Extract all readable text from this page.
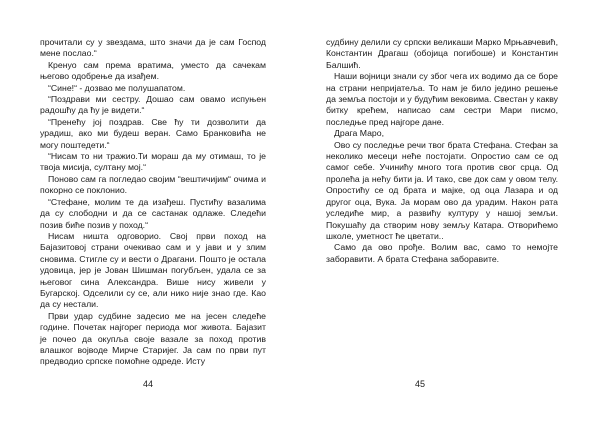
прочитали су у звездама, што значи да је сам Господ мене послао.“

Кренуо сам према вратима, уместо да сачекам његово одобрење да изађем.

“Сине!“ - дозвао ме полушапатом.

“Поздрави ми сестру. Дошао сам овамо испуњен радошћу да ћу је видети.“

“Пренећу јој поздрав. Све ћу ти дозволити да урадиш, ако ми будеш веран. Само Бранковића не могу поштедети.“

“Нисам то ни тражио.Ти мораш да му отимаш, то је твоја мисија, султану мој.“

Поново сам га погледао својим “вештичијим“ очима и покорно се поклонио.

“Стефане, молим те да изађеш. Пустићу вазалима да су слободни и да се састанак одлаже. Следећи позив биће позив у поход.“

Нисам ништа одговорио. Свој први поход на Бајазитовој страни очекивао сам и у јави и у злим сновима. Стигле су и вести о Драгани. Пошто је остала удовица, јер је Јован Шишман погубљен, удала се за његовог сина Александра. Више нису живели у Бугарској. Одселили су се, али нико није знао где. Као да су нестали.

Први удар судбине задесио ме на јесен следеће године. Почетак најгорег периода мог живота. Бајазит је почео да окупља своје вазале за поход против влашког војводе Мирче Старијег. Ја сам по први пут предводио српске помоћне одреде. Исту

44

судбину делили су српски великаши Марко Мрњавчевић, Константин Драгаш (обојица погибоше) и Константин Балшић.

Наши војници знали су због чега их водимо да се боре на страни непријатеља. То нам је било једино решење да земља постоји и у будућим вековима. Свестан у какву битку крећем, написао сам сестри Мари писмо, последње пред најгоре дане.

Драга Маро,

Ово су последње речи твог брата Стефана. Стефан за неколико месеци неће постојати. Опростио сам се од самог себе. Учинићу много тога против свог срца. Од пролећа ја нећу бити ја. И тако, све док сам у овом телу. Опростићу се од брата и мајке, од оца Лазара и од другог оца, Вука. Ја морам ово да урадим. Након рата уследиће мир, а развићу културу у нашој земљи. Покушаћу да створим нову земљу Катара. Отворићемо школе, уметност ће цветати..

Само да ово прође. Волим вас, само то немојте заборавити. А брата Стефана заборавите.

45
